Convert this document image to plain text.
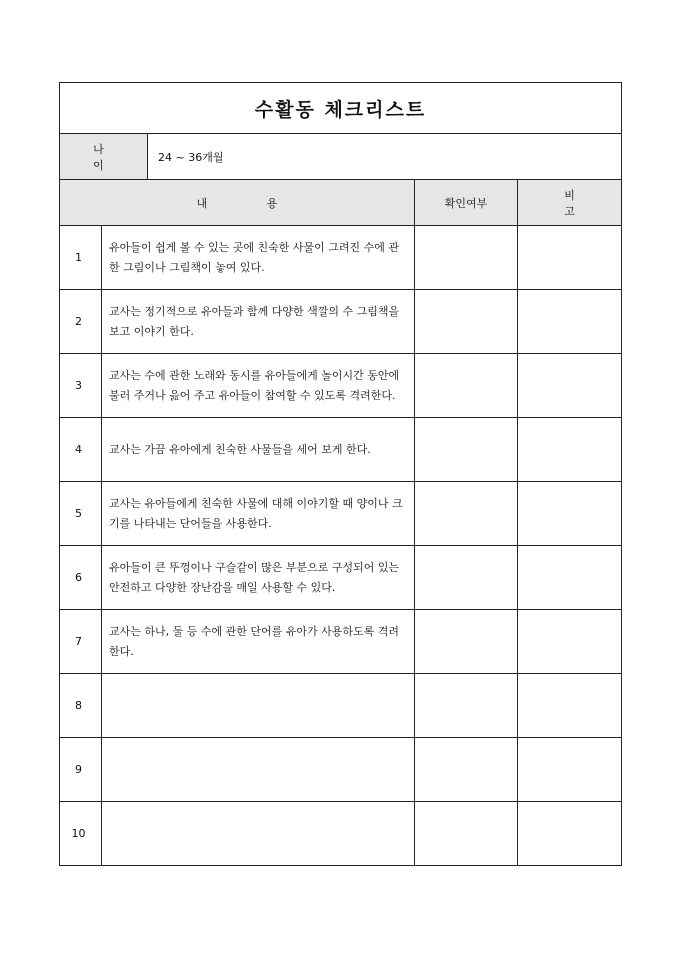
수활동 체크리스트				
나 이		24 ~ 36개월		
내 용			확인여부	비 고
1	유아들이 쉽게 볼 수 있는 곳에 친숙한 사물이 그려진 수에 관한 그림이나 그림책이 놓여 있다.			
2	교사는 정기적으로 유아들과 함께 다양한 색깔의 수 그림책을 보고 이야기 한다.			
3	교사는 수에 관한 노래와 동시를 유아들에게 놀이시간 동안에 불러 주거나 읊어 주고 유아들이 참여할 수 있도록 격려한다.			
4	교사는 가끔 유아에게 친숙한 사물들을 세어 보게 한다.			
5	교사는 유아들에게 친숙한 사물에 대해 이야기할 때 양이나 크기를 나타내는 단어들을 사용한다.			
6	유아들이 큰 뚜껑이나 구슬같이 많은 부분으로 구성되어 있는 안전하고 다양한 장난감을 매일 사용할 수 있다.			
7	교사는 하나, 둘 등 수에 관한 단어를 유아가 사용하도록 격려한다.			
8				
9				
10				
